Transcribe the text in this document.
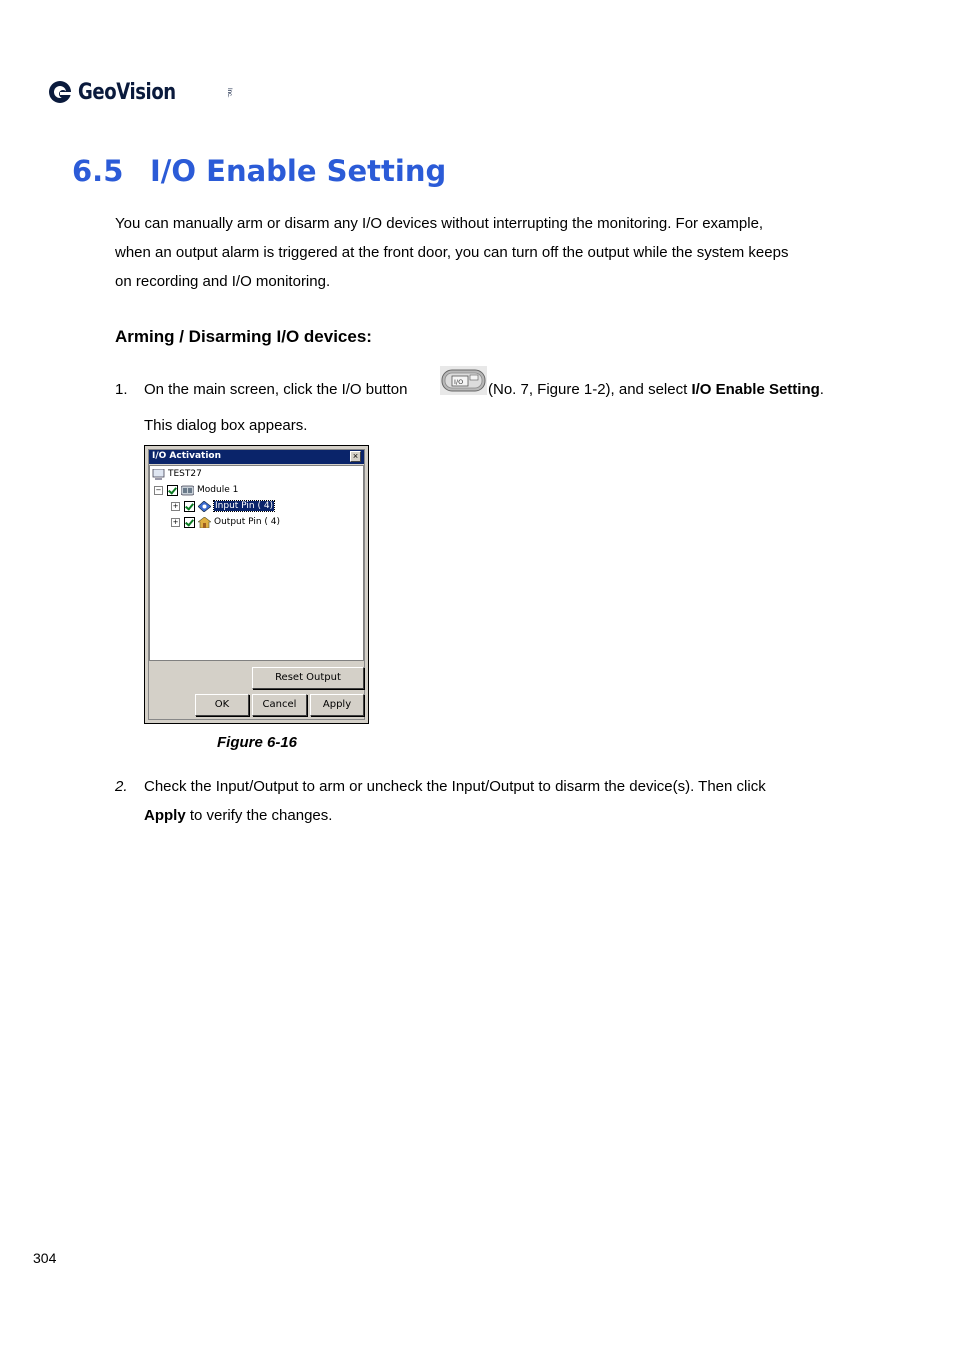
GeoVision	Inc.
6.5 I/O Enable Setting
You can manually arm or disarm any I/O devices without interrupting the monitoring. For example,
when an output alarm is triggered at the front door, you can turn off the output while the system keeps
on recording and I/O monitoring.
Arming / Disarming I/O devices:
1. On the main screen, click the I/O button	I/O (No. 7, Figure 1-2), and select I/O Enable Setting.
This dialog box appears.
I/O Activation	×
TEST27
−	Module 1
+	Input Pin ( 4)
+	Output Pin ( 4)
Reset Output
OK	Cancel	Apply
Figure 6-16
2. Check the Input/Output to arm or uncheck the Input/Output to disarm the device(s). Then click
Apply to verify the changes.
304
